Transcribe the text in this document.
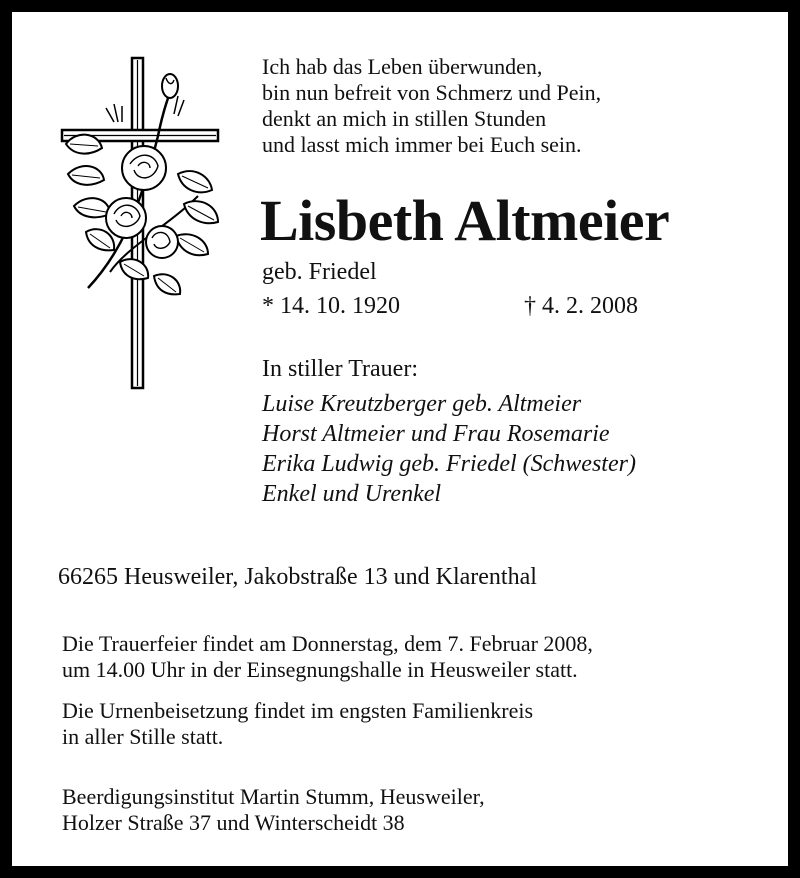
Ich hab das Leben überwunden,
bin nun befreit von Schmerz und Pein,
denkt an mich in stillen Stunden
und lasst mich immer bei Euch sein.
Lisbeth Altmeier
geb. Friedel
* 14. 10. 1920	† 4. 2. 2008
In stiller Trauer:
Luise Kreutzberger geb. Altmeier
Horst Altmeier und Frau Rosemarie
Erika Ludwig geb. Friedel (Schwester)
Enkel und Urenkel
66265 Heusweiler, Jakobstraße 13 und Klarenthal
Die Trauerfeier findet am Donnerstag, dem 7. Februar 2008,
um 14.00 Uhr in der Einsegnungshalle in Heusweiler statt.
Die Urnenbeisetzung findet im engsten Familienkreis
in aller Stille statt.
Beerdigungsinstitut Martin Stumm, Heusweiler,
Holzer Straße 37 und Winterscheidt 38
